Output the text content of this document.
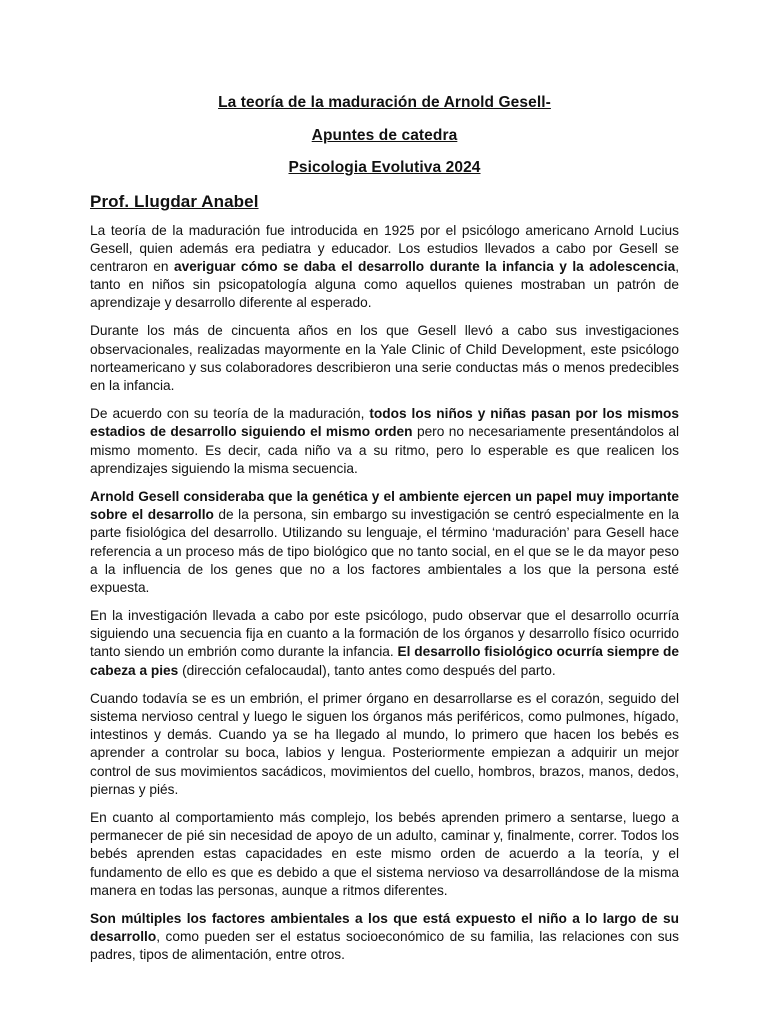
La teoría de la maduración de Arnold Gesell-
Apuntes de catedra
Psicologia Evolutiva 2024
Prof. Llugdar Anabel

La teoría de la maduración fue introducida en 1925 por el psicólogo americano Arnold Lucius Gesell, quien además era pediatra y educador. Los estudios llevados a cabo por Gesell se centraron en averiguar cómo se daba el desarrollo durante la infancia y la adolescencia, tanto en niños sin psicopatología alguna como aquellos quienes mostraban un patrón de aprendizaje y desarrollo diferente al esperado.

Durante los más de cincuenta años en los que Gesell llevó a cabo sus investigaciones observacionales, realizadas mayormente en la Yale Clinic of Child Development, este psicólogo norteamericano y sus colaboradores describieron una serie conductas más o menos predecibles en la infancia.

De acuerdo con su teoría de la maduración, todos los niños y niñas pasan por los mismos estadios de desarrollo siguiendo el mismo orden pero no necesariamente presentándolos al mismo momento. Es decir, cada niño va a su ritmo, pero lo esperable es que realicen los aprendizajes siguiendo la misma secuencia.

Arnold Gesell consideraba que la genética y el ambiente ejercen un papel muy importante sobre el desarrollo de la persona, sin embargo su investigación se centró especialmente en la parte fisiológica del desarrollo. Utilizando su lenguaje, el término ‘maduración’ para Gesell hace referencia a un proceso más de tipo biológico que no tanto social, en el que se le da mayor peso a la influencia de los genes que no a los factores ambientales a los que la persona esté expuesta.

En la investigación llevada a cabo por este psicólogo, pudo observar que el desarrollo ocurría siguiendo una secuencia fija en cuanto a la formación de los órganos y desarrollo físico ocurrido tanto siendo un embrión como durante la infancia. El desarrollo fisiológico ocurría siempre de cabeza a pies (dirección cefalocaudal), tanto antes como después del parto.

Cuando todavía se es un embrión, el primer órgano en desarrollarse es el corazón, seguido del sistema nervioso central y luego le siguen los órganos más periféricos, como pulmones, hígado, intestinos y demás. Cuando ya se ha llegado al mundo, lo primero que hacen los bebés es aprender a controlar su boca, labios y lengua. Posteriormente empiezan a adquirir un mejor control de sus movimientos sacádicos, movimientos del cuello, hombros, brazos, manos, dedos, piernas y piés.

En cuanto al comportamiento más complejo, los bebés aprenden primero a sentarse, luego a permanecer de pié sin necesidad de apoyo de un adulto, caminar y, finalmente, correr. Todos los bebés aprenden estas capacidades en este mismo orden de acuerdo a la teoría, y el fundamento de ello es que es debido a que el sistema nervioso va desarrollándose de la misma manera en todas las personas, aunque a ritmos diferentes.

Son múltiples los factores ambientales a los que está expuesto el niño a lo largo de su desarrollo, como pueden ser el estatus socioeconómico de su familia, las relaciones con sus padres, tipos de alimentación, entre otros.
